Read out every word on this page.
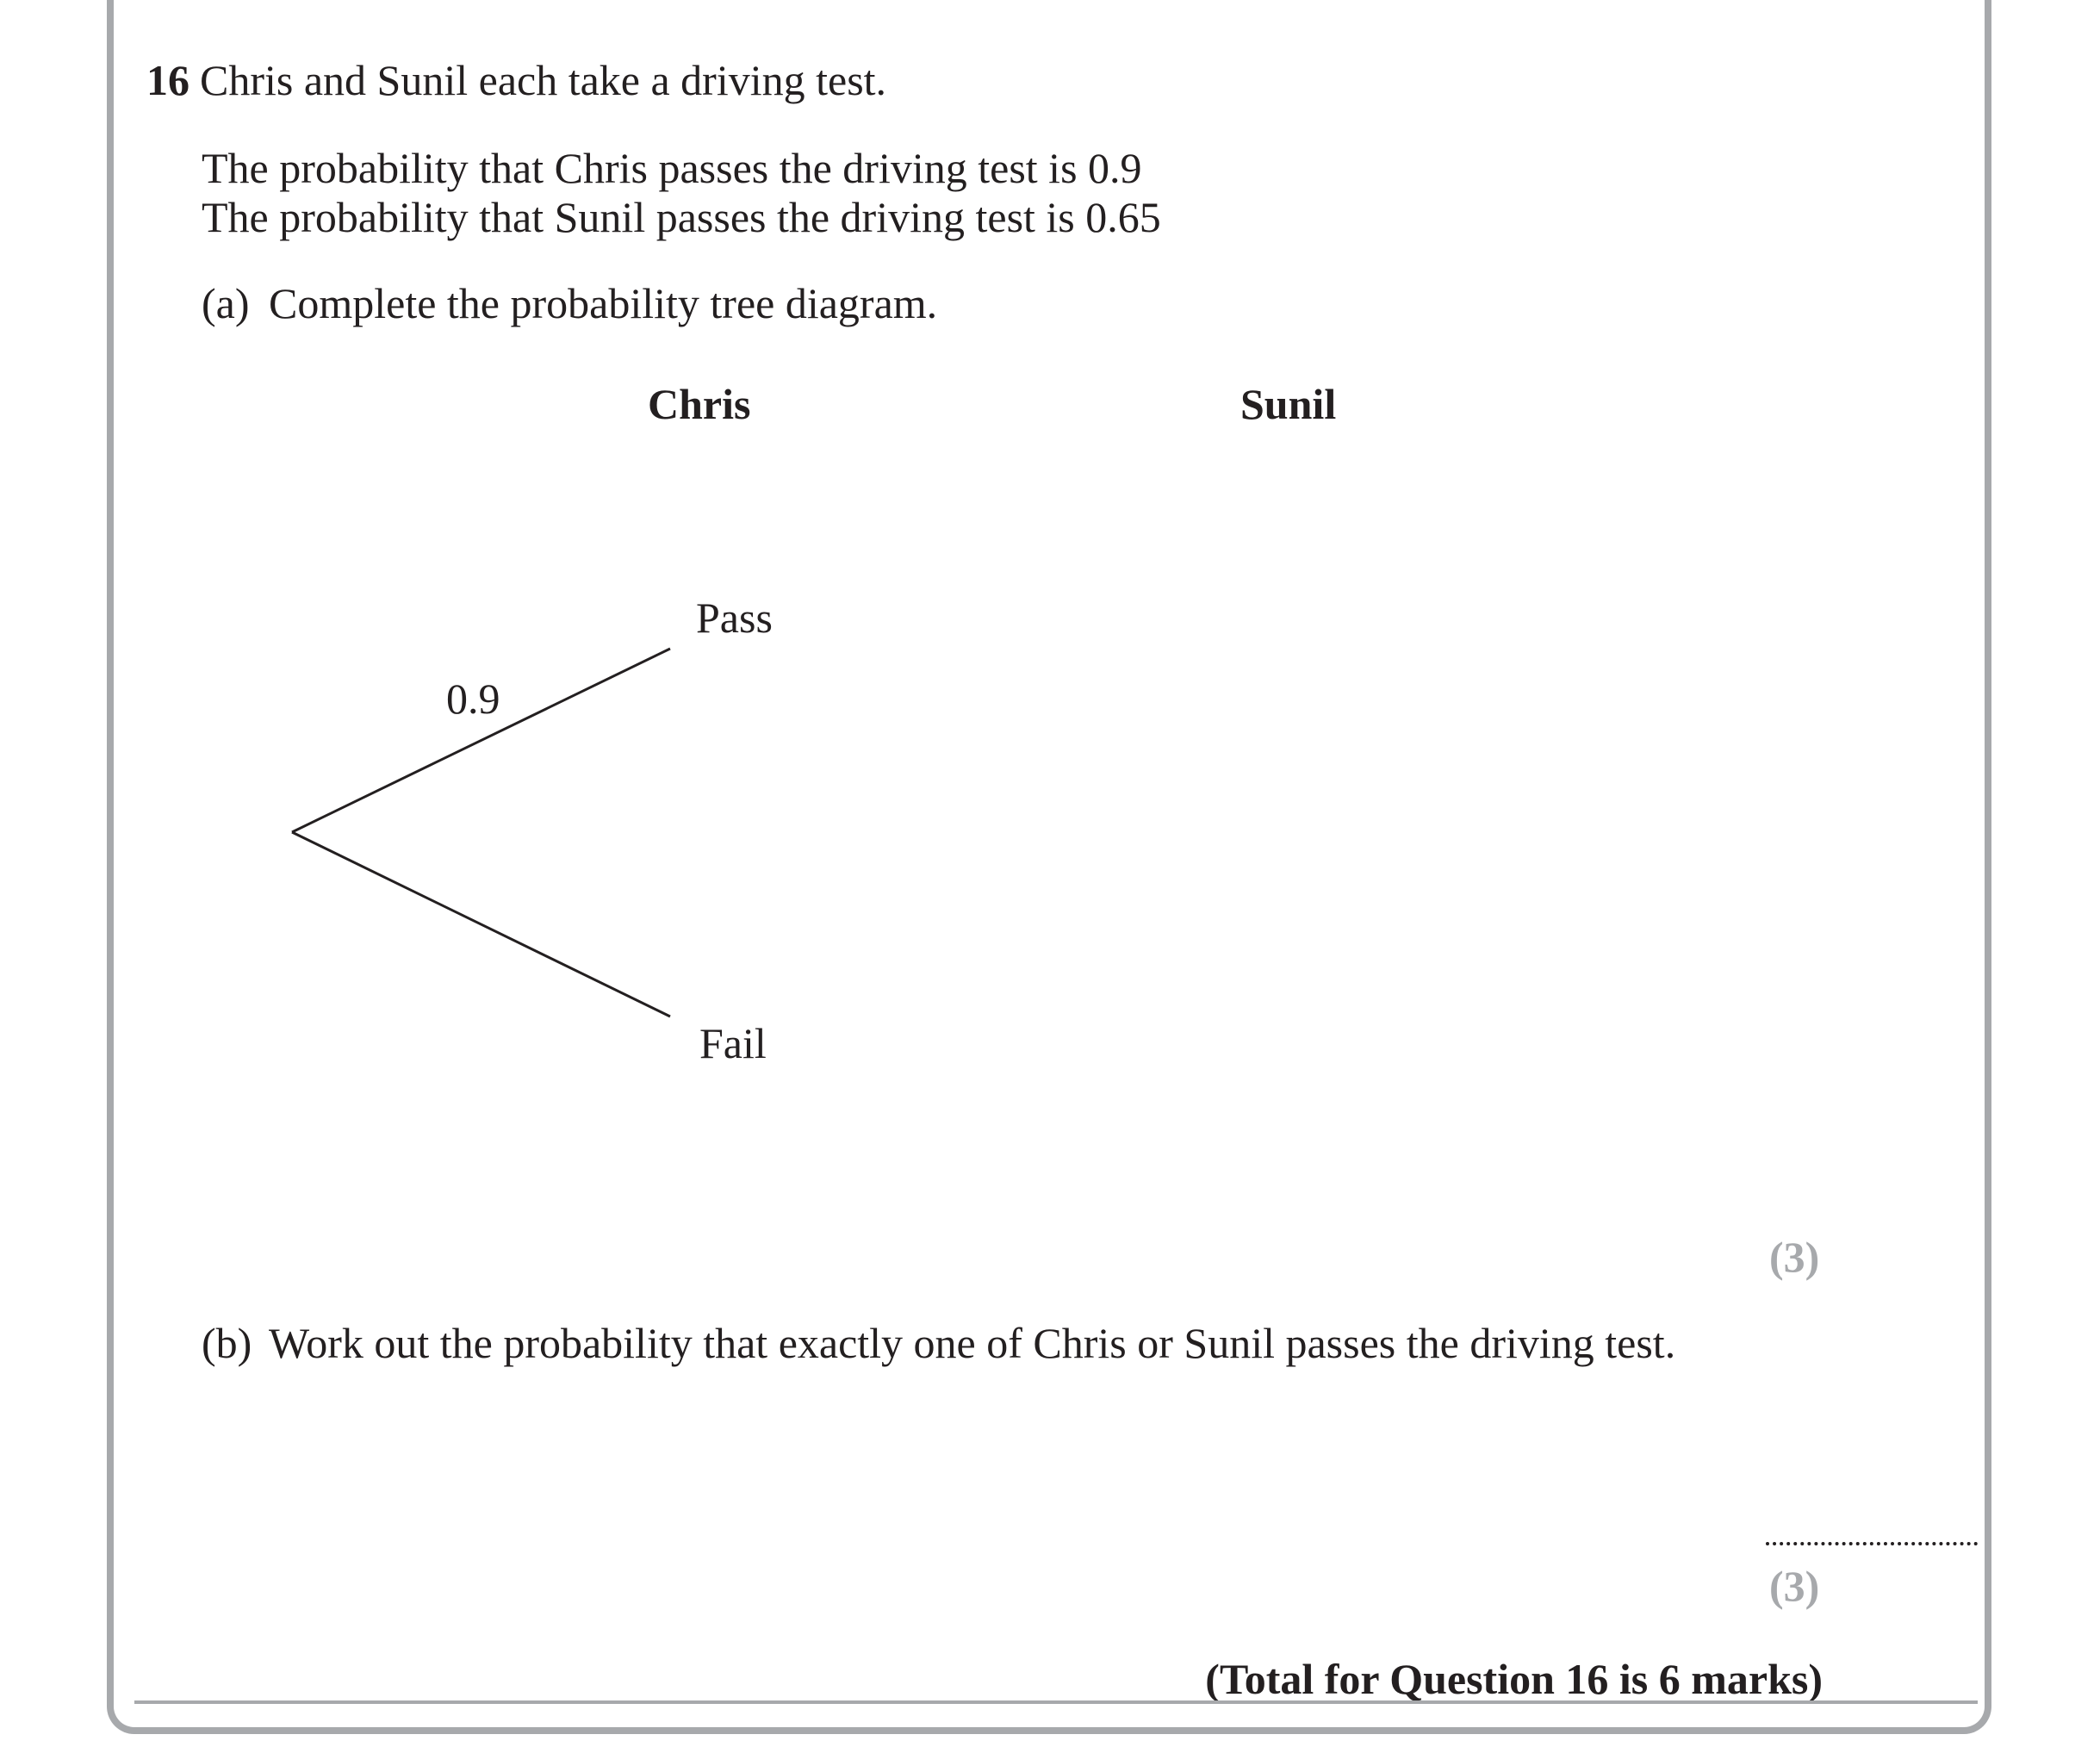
16 Chris and Sunil each take a driving test.
The probability that Chris passes the driving test is 0.9
The probability that Sunil passes the driving test is 0.65
(a) Complete the probability tree diagram.
Chris	Sunil
0.9
Pass
Fail
(3)
(b) Work out the probability that exactly one of Chris or Sunil passes the driving test.
(3)
(Total for Question 16 is 6 marks)
